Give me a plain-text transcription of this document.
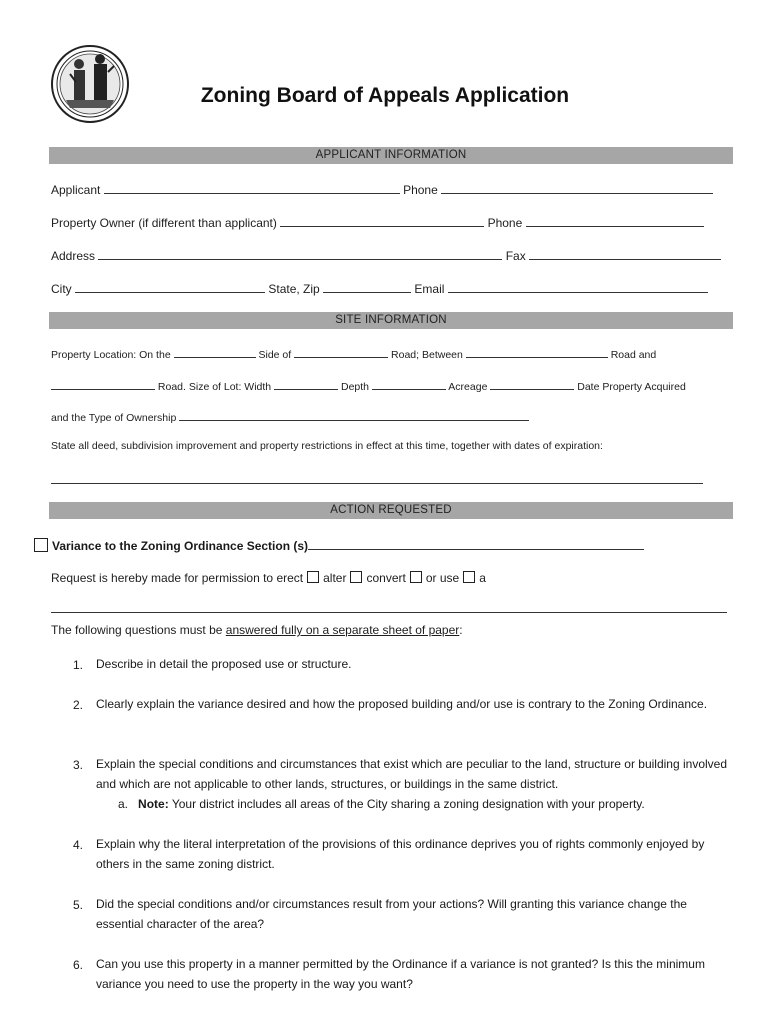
Zoning Board of Appeals Application
APPLICANT INFORMATION
Applicant	Phone
Property Owner (if different than applicant)	Phone
Address	Fax
City	State, Zip	Email
SITE INFORMATION
Property Location: On the	Side of	Road; Between	Road and
Road. Size of Lot: Width	Depth	Acreage	Date Property Acquired
and the Type of Ownership
State all deed, subdivision improvement and property restrictions in effect at this time, together with dates of expiration:
ACTION REQUESTED
Variance to the Zoning Ordinance Section (s)
Request is hereby made for permission to erect alter convert or use a
The following questions must be answered fully on a separate sheet of paper:
1. Describe in detail the proposed use or structure.
2. Clearly explain the variance desired and how the proposed building and/or use is contrary to the Zoning Ordinance.
3. Explain the special conditions and circumstances that exist which are peculiar to the land, structure or building involved and which are not applicable to other lands, structures, or buildings in the same district.
a. Note: Your district includes all areas of the City sharing a zoning designation with your property.
4. Explain why the literal interpretation of the provisions of this ordinance deprives you of rights commonly enjoyed by others in the same zoning district.
5. Did the special conditions and/or circumstances result from your actions? Will granting this variance change the essential character of the area?
6. Can you use this property in a manner permitted by the Ordinance if a variance is not granted? Is this the minimum variance you need to use the property in the way you want?
